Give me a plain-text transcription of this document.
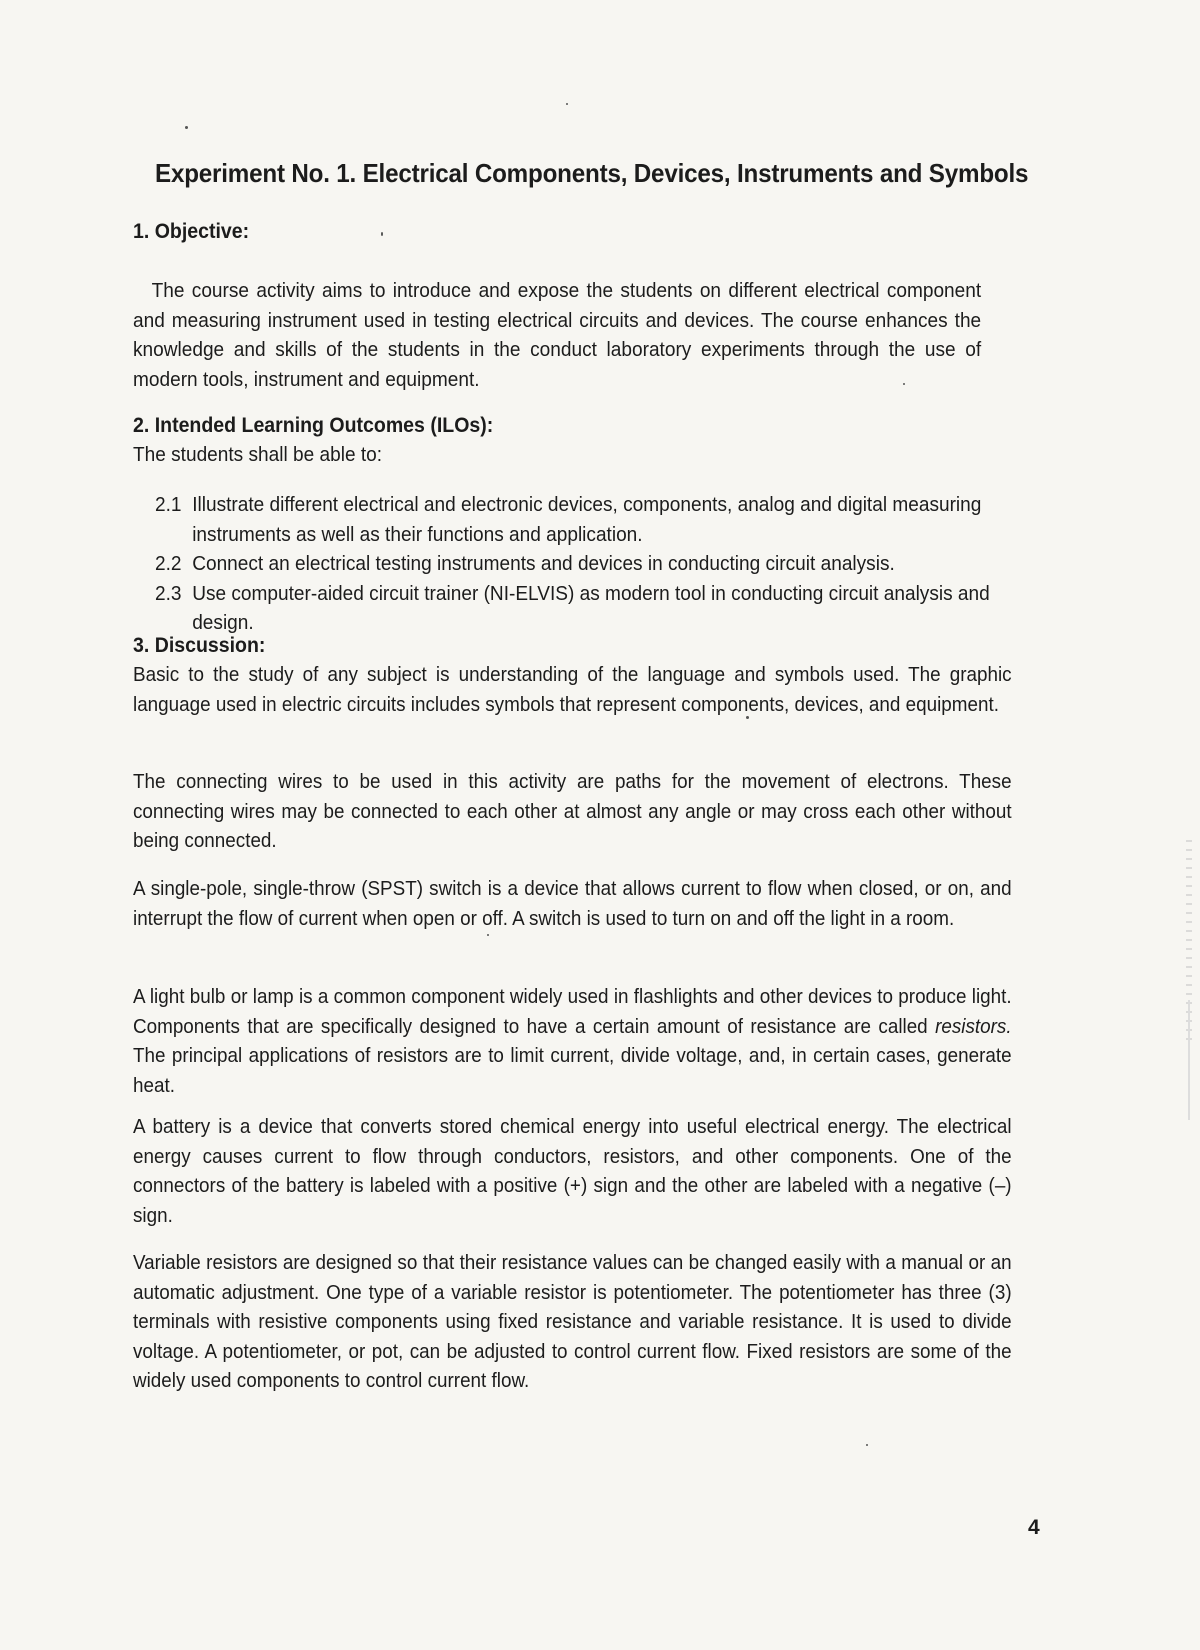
Experiment No. 1. Electrical Components, Devices, Instruments and Symbols
1. Objective:
The course activity aims to introduce and expose the students on different electrical component and measuring instrument used in testing electrical circuits and devices. The course enhances the knowledge and skills of the students in the conduct laboratory experiments through the use of modern tools, instrument and equipment.
2. Intended Learning Outcomes (ILOs):
The students shall be able to:
2.1 Illustrate different electrical and electronic devices, components, analog and digital measuring instruments as well as their functions and application.
2.2 Connect an electrical testing instruments and devices in conducting circuit analysis.
2.3 Use computer-aided circuit trainer (NI-ELVIS) as modern tool in conducting circuit analysis and design.
3. Discussion:
Basic to the study of any subject is understanding of the language and symbols used. The graphic language used in electric circuits includes symbols that represent components, devices, and equipment.
The connecting wires to be used in this activity are paths for the movement of electrons. These connecting wires may be connected to each other at almost any angle or may cross each other without being connected.
A single-pole, single-throw (SPST) switch is a device that allows current to flow when closed, or on, and interrupt the flow of current when open or off. A switch is used to turn on and off the light in a room.
A light bulb or lamp is a common component widely used in flashlights and other devices to produce light. Components that are specifically designed to have a certain amount of resistance are called resistors. The principal applications of resistors are to limit current, divide voltage, and, in certain cases, generate heat.
A battery is a device that converts stored chemical energy into useful electrical energy. The electrical energy causes current to flow through conductors, resistors, and other components. One of the connectors of the battery is labeled with a positive (+) sign and the other are labeled with a negative (–) sign.
Variable resistors are designed so that their resistance values can be changed easily with a manual or an automatic adjustment. One type of a variable resistor is potentiometer. The potentiometer has three (3) terminals with resistive components using fixed resistance and variable resistance. It is used to divide voltage. A potentiometer, or pot, can be adjusted to control current flow. Fixed resistors are some of the widely used components to control current flow.
4
